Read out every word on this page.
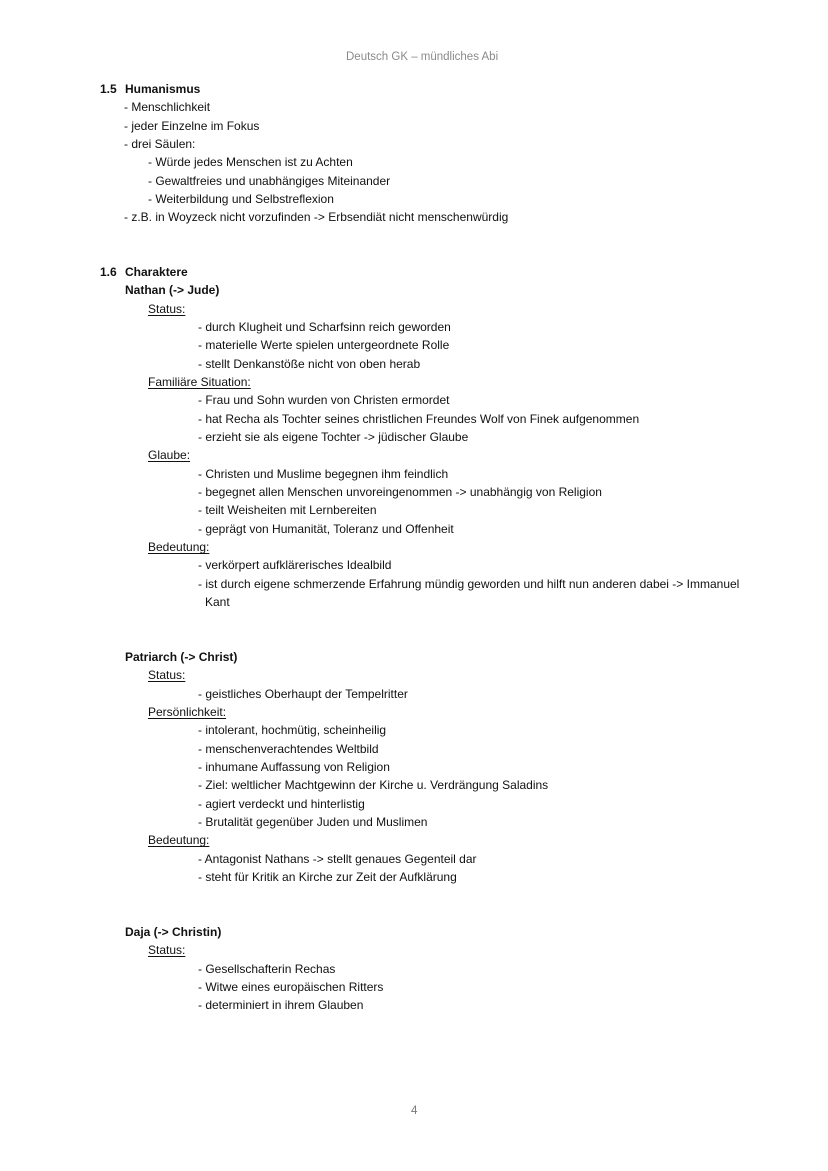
Deutsch GK – mündliches Abi
1.5 Humanismus
- Menschlichkeit
- jeder Einzelne im Fokus
- drei Säulen:
- Würde jedes Menschen ist zu Achten
- Gewaltfreies und unabhängiges Miteinander
- Weiterbildung und Selbstreflexion
- z.B. in Woyzeck nicht vorzufinden -> Erbsendiät nicht menschenwürdig
1.6 Charaktere
Nathan (-> Jude)
Status:
- durch Klugheit und Scharfsinn reich geworden
- materielle Werte spielen untergeordnete Rolle
- stellt Denkanstöße nicht von oben herab
Familiäre Situation:
- Frau und Sohn wurden von Christen ermordet
- hat Recha als Tochter seines christlichen Freundes Wolf von Finek aufgenommen
- erzieht sie als eigene Tochter -> jüdischer Glaube
Glaube:
- Christen und Muslime begegnen ihm feindlich
- begegnet allen Menschen unvoreingenommen -> unabhängig von Religion
- teilt Weisheiten mit Lernbereiten
- geprägt von Humanität, Toleranz und Offenheit
Bedeutung:
- verkörpert aufklärerisches Idealbild
- ist durch eigene schmerzende Erfahrung mündig geworden und hilft nun anderen dabei -> Immanuel
Kant
Patriarch (-> Christ)
Status:
- geistliches Oberhaupt der Tempelritter
Persönlichkeit:
- intolerant, hochmütig, scheinheilig
- menschenverachtendes Weltbild
- inhumane Auffassung von Religion
- Ziel: weltlicher Machtgewinn der Kirche u. Verdrängung Saladins
- agiert verdeckt und hinterlistig
- Brutalität gegenüber Juden und Muslimen
Bedeutung:
- Antagonist Nathans -> stellt genaues Gegenteil dar
- steht für Kritik an Kirche zur Zeit der Aufklärung
Daja (-> Christin)
Status:
- Gesellschafterin Rechas
- Witwe eines europäischen Ritters
- determiniert in ihrem Glauben
4
